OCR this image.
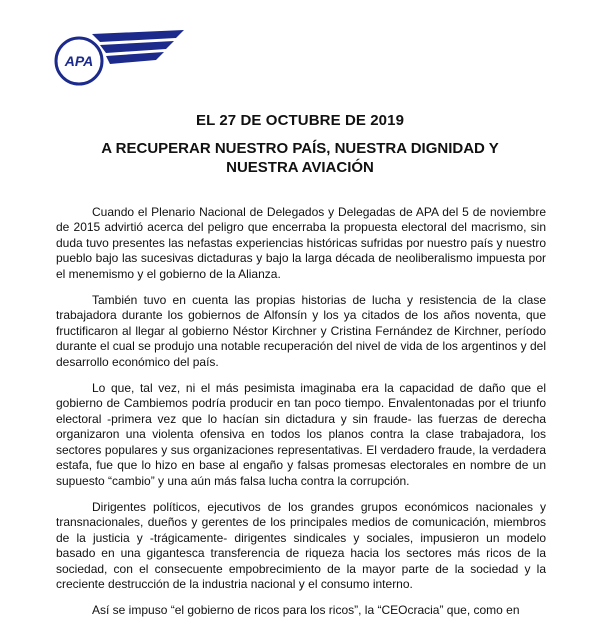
APA
EL 27 DE OCTUBRE DE 2019
A RECUPERAR NUESTRO PAÍS, NUESTRA DIGNIDAD Y NUESTRA AVIACIÓN

Cuando el Plenario Nacional de Delegados y Delegadas de APA del 5 de noviembre de 2015 advirtió acerca del peligro que encerraba la propuesta electoral del macrismo, sin duda tuvo presentes las nefastas experiencias históricas sufridas por nuestro país y nuestro pueblo bajo las sucesivas dictaduras y bajo la larga década de neoliberalismo impuesta por el menemismo y el gobierno de la Alianza.

También tuvo en cuenta las propias historias de lucha y resistencia de la clase trabajadora durante los gobiernos de Alfonsín y los ya citados de los años noventa, que fructificaron al llegar al gobierno Néstor Kirchner y Cristina Fernández de Kirchner, período durante el cual se produjo una notable recuperación del nivel de vida de los argentinos y del desarrollo económico del país.

Lo que, tal vez, ni el más pesimista imaginaba era la capacidad de daño que el gobierno de Cambiemos podría producir en tan poco tiempo. Envalentonadas por el triunfo electoral -primera vez que lo hacían sin dictadura y sin fraude- las fuerzas de derecha organizaron una violenta ofensiva en todos los planos contra la clase trabajadora, los sectores populares y sus organizaciones representativas. El verdadero fraude, la verdadera estafa, fue que lo hizo en base al engaño y falsas promesas electorales en nombre de un supuesto “cambio” y una aún más falsa lucha contra la corrupción.

Dirigentes políticos, ejecutivos de los grandes grupos económicos nacionales y transnacionales, dueños y gerentes de los principales medios de comunicación, miembros de la justicia y -trágicamente- dirigentes sindicales y sociales, impusieron un modelo basado en una gigantesca transferencia de riqueza hacia los sectores más ricos de la sociedad, con el consecuente empobrecimiento de la mayor parte de la sociedad y la creciente destrucción de la industria nacional y el consumo interno.

Así se impuso “el gobierno de ricos para los ricos”, la “CEOcracia” que, como en
